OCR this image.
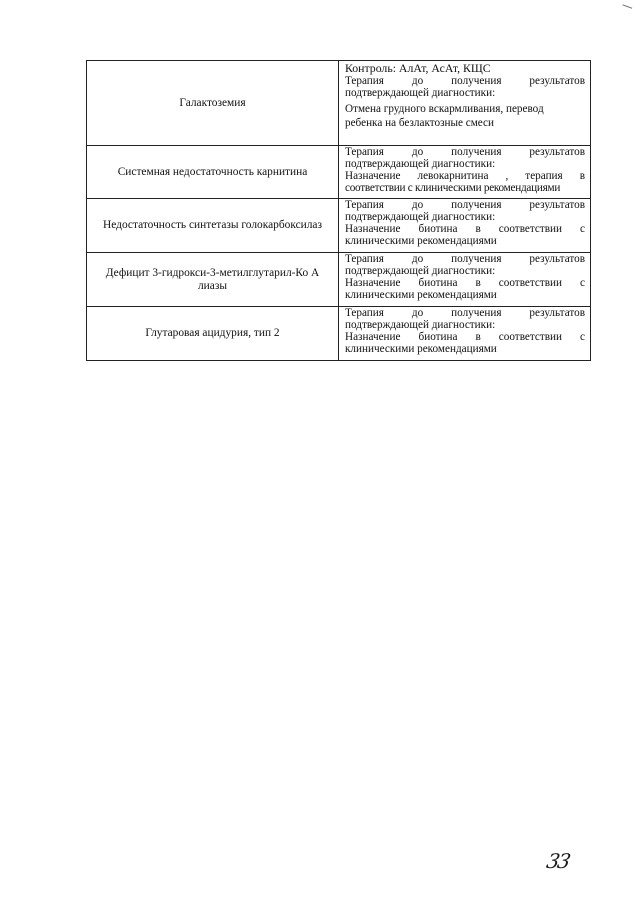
Галактоземия	Контроль: АлАт, АсАт, КЩС
Терапия до получения результатов
подтверждающей диагностики:
Отмена грудного вскармливания, перевод
ребенка на безлактозные смеси

Системная недостаточность карнитина	Терапия до получения результатов
подтверждающей диагностики:
Назначение левокарнитина , терапия в
соответствии с клиническими рекомендациями

Недостаточность синтетазы голокарбоксилаз	Терапия до получения результатов
подтверждающей диагностики:
Назначение биотина в соответствии с
клиническими рекомендациями

Дефицит 3-гидрокси-3-метилглутарил-Ко А лиазы	Терапия до получения результатов
подтверждающей диагностики:
Назначение биотина в соответствии с
клиническими рекомендациями

Глутаровая ацидурия, тип 2	Терапия до получения результатов
подтверждающей диагностики:
Назначение биотина в соответствии с
клиническими рекомендациями
33
